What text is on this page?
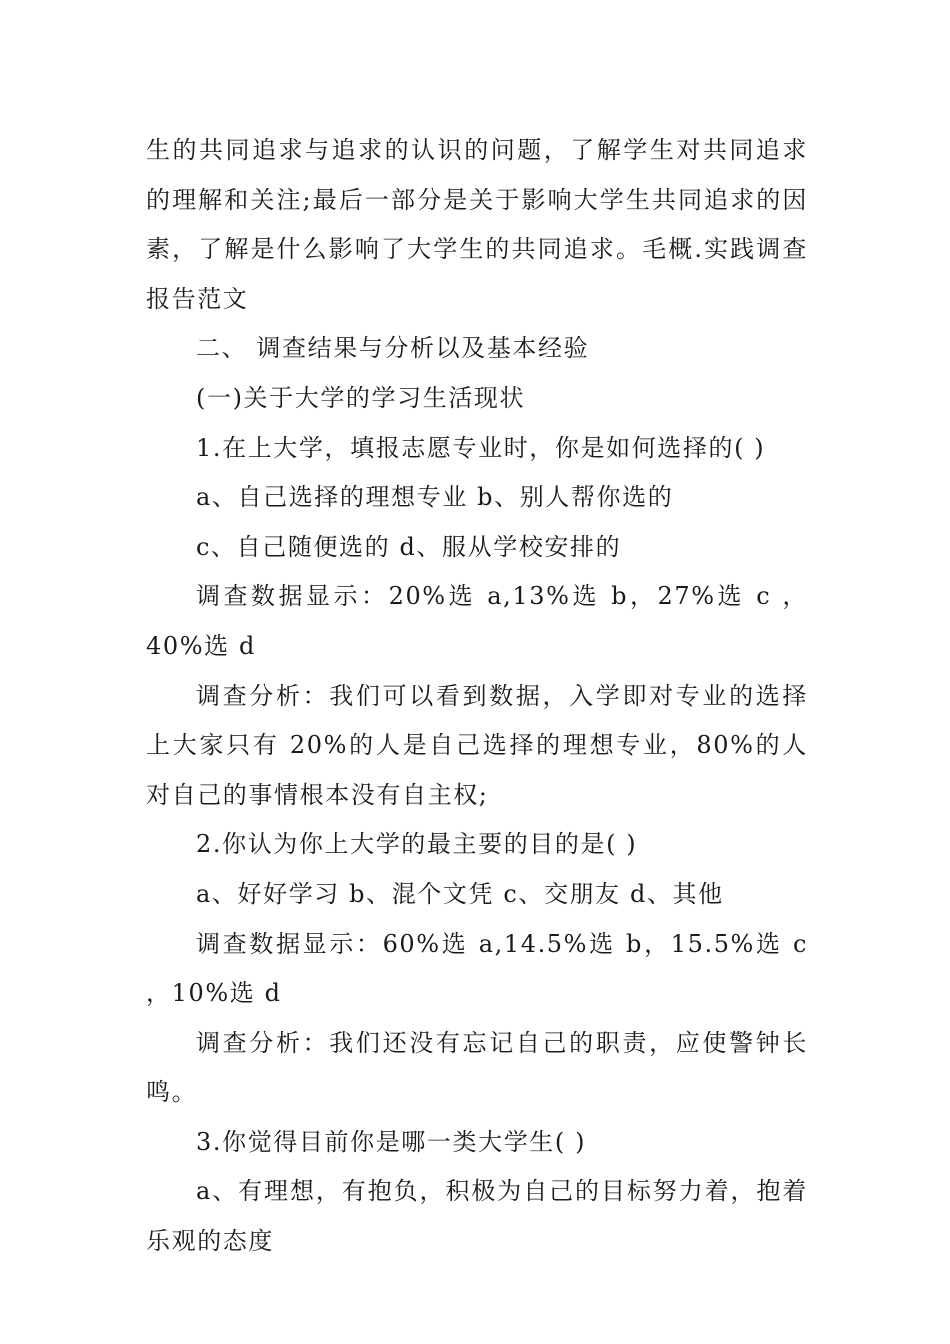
生的共同追求与追求的认识的问题，了解学生对共同追求的理解和关注;最后一部分是关于影响大学生共同追求的因素，了解是什么影响了大学生的共同追求。毛概.实践调查报告范文

二、 调查结果与分析以及基本经验

(一)关于大学的学习生活现状

1.在上大学，填报志愿专业时，你是如何选择的( )

a、自己选择的理想专业 b、别人帮你选的

c、自己随便选的 d、服从学校安排的

调查数据显示：20%选 a,13%选 b，27%选 c ，40%选 d

调查分析：我们可以看到数据，入学即对专业的选择上大家只有 20%的人是自己选择的理想专业，80%的人对自己的事情根本没有自主权;

2.你认为你上大学的最主要的目的是( )

a、好好学习 b、混个文凭 c、交朋友 d、其他

调查数据显示：60%选 a,14.5%选 b，15.5%选 c ，10%选 d

调查分析：我们还没有忘记自己的职责，应使警钟长鸣。

3.你觉得目前你是哪一类大学生( )

a、有理想，有抱负，积极为自己的目标努力着，抱着乐观的态度
